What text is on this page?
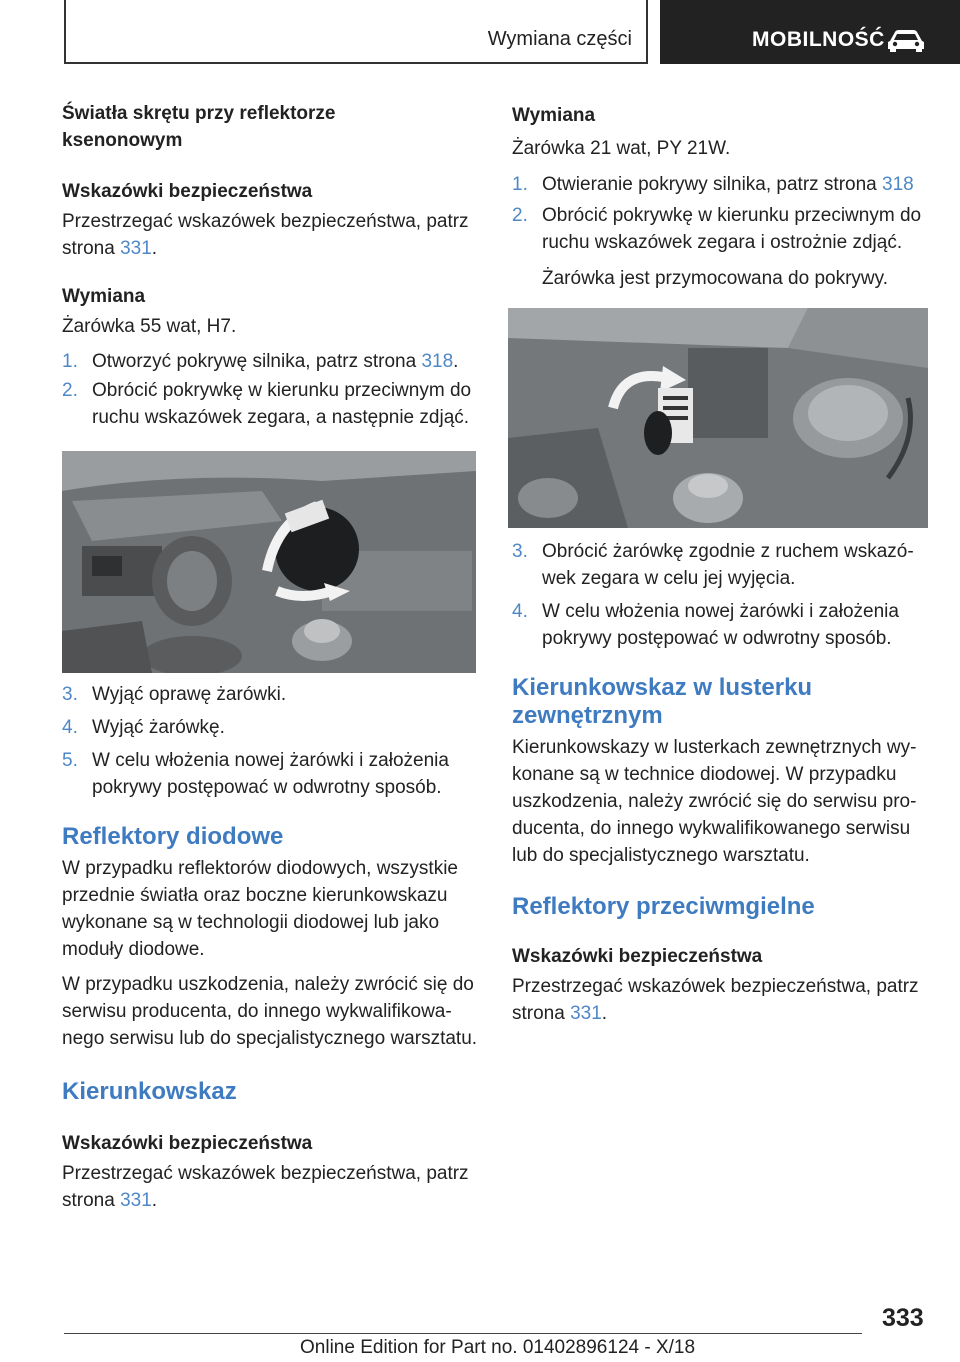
Wymiana części	MOBILNOŚĆ

Światła skrętu przy reflektorze ksenonowym

Wskazówki bezpieczeństwa

Przestrzegać wskazówek bezpieczeństwa, patrz strona 331.

Wymiana

Żarówka 55 wat, H7.

1. Otworzyć pokrywę silnika, patrz strona 318.
2. Obrócić pokrywkę w kierunku przeciwnym do ruchu wskazówek zegara, a następnie zdjąć.
3. Wyjąć oprawę żarówki.
4. Wyjąć żarówkę.
5. W celu włożenia nowej żarówki i założenia pokrywy postępować w odwrotny sposób.

Reflektory diodowe

W przypadku reflektorów diodowych, wszystkie przednie światła oraz boczne kierunkowskazu wykonane są w technologii diodowej lub jako moduły diodowe.

W przypadku uszkodzenia, należy zwrócić się do serwisu producenta, do innego wykwalifikowanego serwisu lub do specjalistycznego warsztatu.

Kierunkowskaz

Wskazówki bezpieczeństwa

Przestrzegać wskazówek bezpieczeństwa, patrz strona 331.

Wymiana

Żarówka 21 wat, PY 21W.

1. Otwieranie pokrywy silnika, patrz strona 318
2. Obrócić pokrywkę w kierunku przeciwnym do ruchu wskazówek zegara i ostrożnie zdjąć.

Żarówka jest przymocowana do pokrywy.

3. Obrócić żarówkę zgodnie z ruchem wskazówek zegara w celu jej wyjęcia.
4. W celu włożenia nowej żarówki i założenia pokrywy postępować w odwrotny sposób.

Kierunkowskaz w lusterku zewnętrznym

Kierunkowskazy w lusterkach zewnętrznych wykonane są w technice diodowej. W przypadku uszkodzenia, należy zwrócić się do serwisu producenta, do innego wykwalifikowanego serwisu lub do specjalistycznego warsztatu.

Reflektory przeciwmgielne

Wskazówki bezpieczeństwa

Przestrzegać wskazówek bezpieczeństwa, patrz strona 331.

333
Online Edition for Part no. 01402896124 - X/18
